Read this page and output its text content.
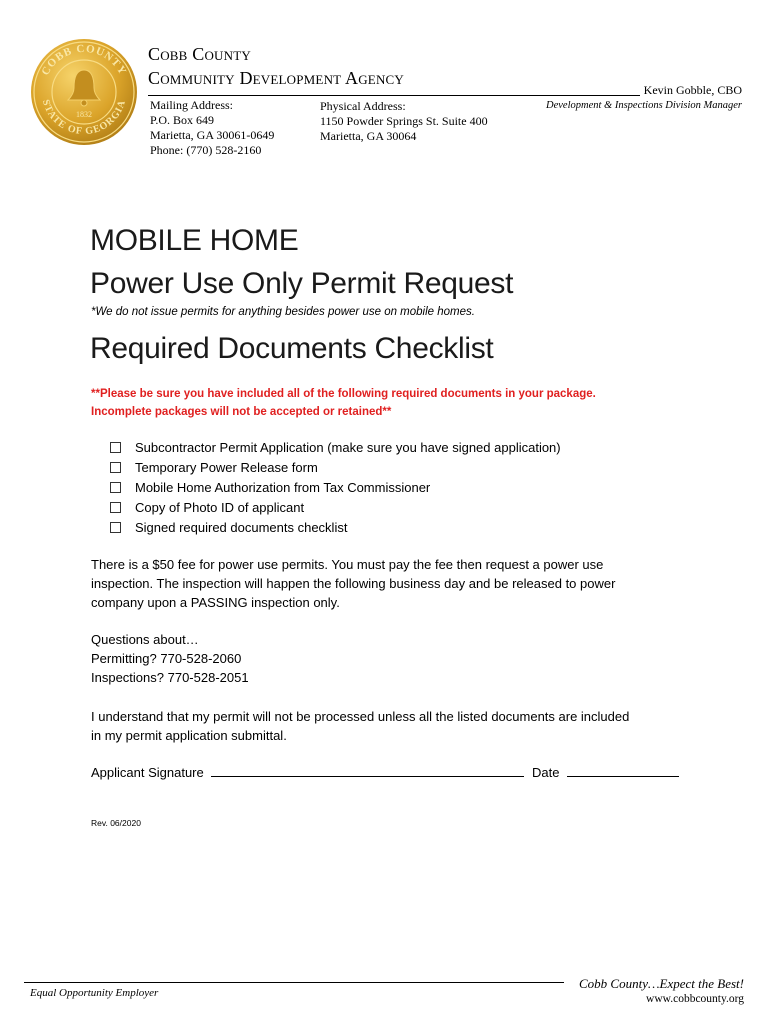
COBB COUNTY
STATE OF GEORGIA
1832
Cobb County
Community Development Agency
Kevin Gobble, CBO
Development & Inspections Division Manager
Mailing Address:
P.O. Box 649
Marietta, GA 30061-0649
Phone: (770) 528-2160
Physical Address:
1150 Powder Springs St. Suite 400
Marietta, GA 30064
MOBILE HOME
Power Use Only Permit Request
*We do not issue permits for anything besides power use on mobile homes.
Required Documents Checklist
**Please be sure you have included all of the following required documents in your package.
Incomplete packages will not be accepted or retained**
Subcontractor Permit Application (make sure you have signed application)
Temporary Power Release form
Mobile Home Authorization from Tax Commissioner
Copy of Photo ID of applicant
Signed required documents checklist
There is a $50 fee for power use permits. You must pay the fee then request a power use
inspection. The inspection will happen the following business day and be released to power
company upon a PASSING inspection only.
Questions about…
Permitting? 770-528-2060
Inspections? 770-528-2051
I understand that my permit will not be processed unless all the listed documents are included
in my permit application submittal.
Applicant Signature	Date
Rev. 06/2020
Equal Opportunity Employer
Cobb County…Expect the Best!
www.cobbcounty.org
